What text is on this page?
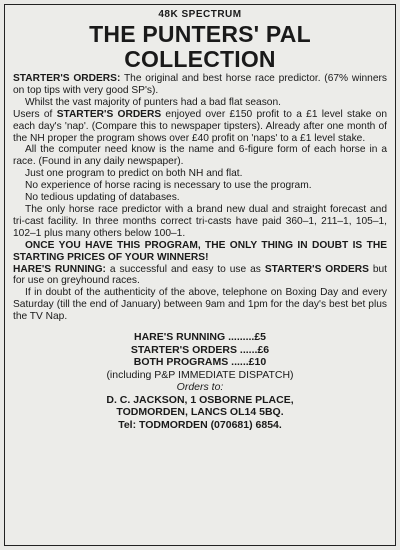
48K SPECTRUM
THE PUNTERS' PAL
COLLECTION

STARTER'S ORDERS: The original and best horse race predictor. (67% winners on top tips with very good SP's).

Whilst the vast majority of punters had a bad flat season.

Users of STARTER'S ORDERS enjoyed over £150 profit to a £1 level stake on each day's 'nap'. (Compare this to newspaper tipsters). Already after one month of the NH proper the program shows over £40 profit on 'naps' to a £1 level stake.

All the computer need know is the name and 6-figure form of each horse in a race. (Found in any daily newspaper).

Just one program to predict on both NH and flat.

No experience of horse racing is necessary to use the program.

No tedious updating of databases.

The only horse race predictor with a brand new dual and straight forecast and tri-cast facility. In three months correct tri-casts have paid 360–1, 211–1, 105–1, 102–1 plus many others below 100–1.

ONCE YOU HAVE THIS PROGRAM, THE ONLY THING IN DOUBT IS THE STARTING PRICES OF YOUR WINNERS!

HARE'S RUNNING: a successful and easy to use as STARTER'S ORDERS but for use on greyhound races.

If in doubt of the authenticity of the above, telephone on Boxing Day and every Saturday (till the end of January) between 9am and 1pm for the day's best bet plus the TV Nap.

HARE'S RUNNING .........£5
STARTER'S ORDERS ......£6
BOTH PROGRAMS ......£10
(including P&P IMMEDIATE DISPATCH)
Orders to:
D. C. JACKSON, 1 OSBORNE PLACE,
TODMORDEN, LANCS OL14 5BQ.
Tel: TODMORDEN (070681) 6854.
